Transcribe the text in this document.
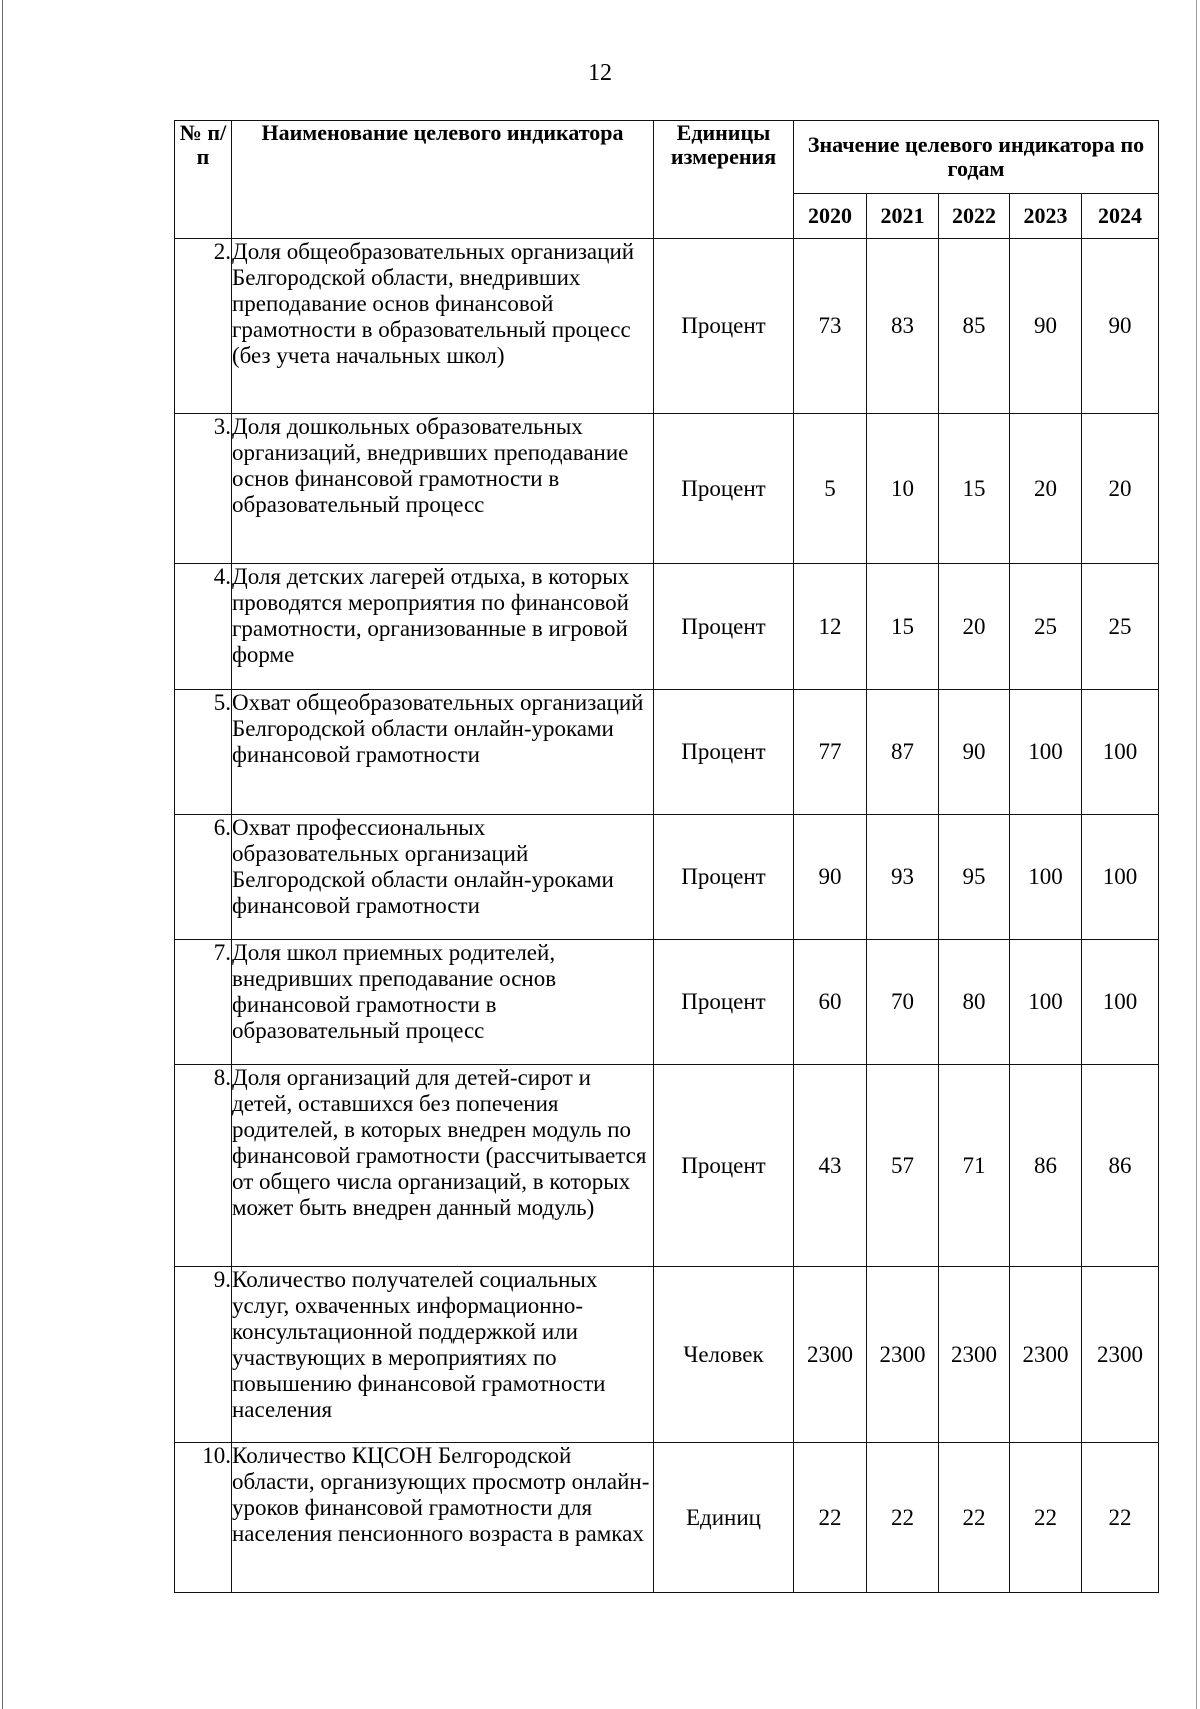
12
№ п/п	Наименование целевого индикатора	Единицы измерения	Значение целевого индикатора по годам				
			2020	2021	2022	2023	2024
2.	Доля общеобразовательных организаций Белгородской области, внедривших преподавание основ финансовой грамотности в образовательный процесс (без учета начальных школ)	Процент	73	83	85	90	90
3.	Доля дошкольных образовательных организаций, внедривших преподавание основ финансовой грамотности в образовательный процесс	Процент	5	10	15	20	20
4.	Доля детских лагерей отдыха, в которых проводятся мероприятия по финансовой грамотности, организованные в игровой форме	Процент	12	15	20	25	25
5.	Охват общеобразовательных организаций Белгородской области онлайн-уроками финансовой грамотности	Процент	77	87	90	100	100
6.	Охват профессиональных образовательных организаций Белгородской области онлайн-уроками финансовой грамотности	Процент	90	93	95	100	100
7.	Доля школ приемных родителей, внедривших преподавание основ финансовой грамотности в образовательный процесс	Процент	60	70	80	100	100
8.	Доля организаций для детей-сирот и детей, оставшихся без попечения родителей, в которых внедрен модуль по финансовой грамотности (рассчитывается от общего числа организаций, в которых может быть внедрен данный модуль)	Процент	43	57	71	86	86
9.	Количество получателей социальных услуг, охваченных информационно-консультационной поддержкой или участвующих в мероприятиях по повышению финансовой грамотности населения	Человек	2300	2300	2300	2300	2300
10.	Количество КЦСОН Белгородской области, организующих просмотр онлайн-уроков финансовой грамотности для населения пенсионного возраста в рамках	Единиц	22	22	22	22	22
